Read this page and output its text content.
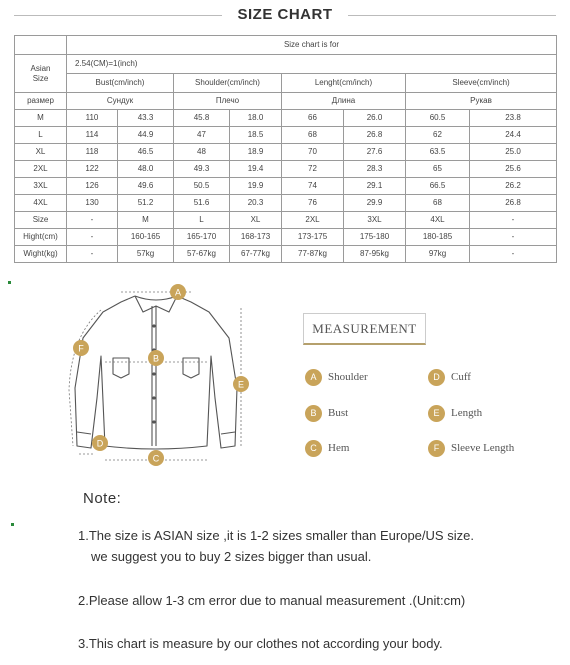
SIZE CHART
	Size chart is for							
Asian
Size	2.54(CM)=1(inch)							
	Bust(cm/inch)		Shoulder(cm/inch)		Lenght(cm/inch)		Sleeve(cm/inch)	
размер	Сундук		Плечо		Длина		Рукав	
M	110	43.3	45.8	18.0	66	26.0	60.5	23.8
L	114	44.9	47	18.5	68	26.8	62	24.4
XL	118	46.5	48	18.9	70	27.6	63.5	25.0
2XL	122	48.0	49.3	19.4	72	28.3	65	25.6
3XL	126	49.6	50.5	19.9	74	29.1	66.5	26.2
4XL	130	51.2	51.6	20.3	76	29.9	68	26.8
Size	-	M	L	XL	2XL	3XL	4XL	-
Hight(cm)	-	160-165	165-170	168-173	173-175	175-180	180-185	-
Wight(kg)	-	57kg	57-67kg	67-77kg	77-87kg	87-95kg	97kg	-
A
B
C
D
E
F
MEASUREMENT
A	Shoulder	D	Cuff
B	Bust	E	Length
C	Hem	F	Sleeve Length
Note:
1.The size is ASIAN size ,it is 1-2 sizes smaller than Europe/US size.
we suggest you to buy 2 sizes bigger than usual.
2.Please allow 1-3 cm error due to manual measurement .(Unit:cm)
3.This chart is measure by our clothes not according your body.
